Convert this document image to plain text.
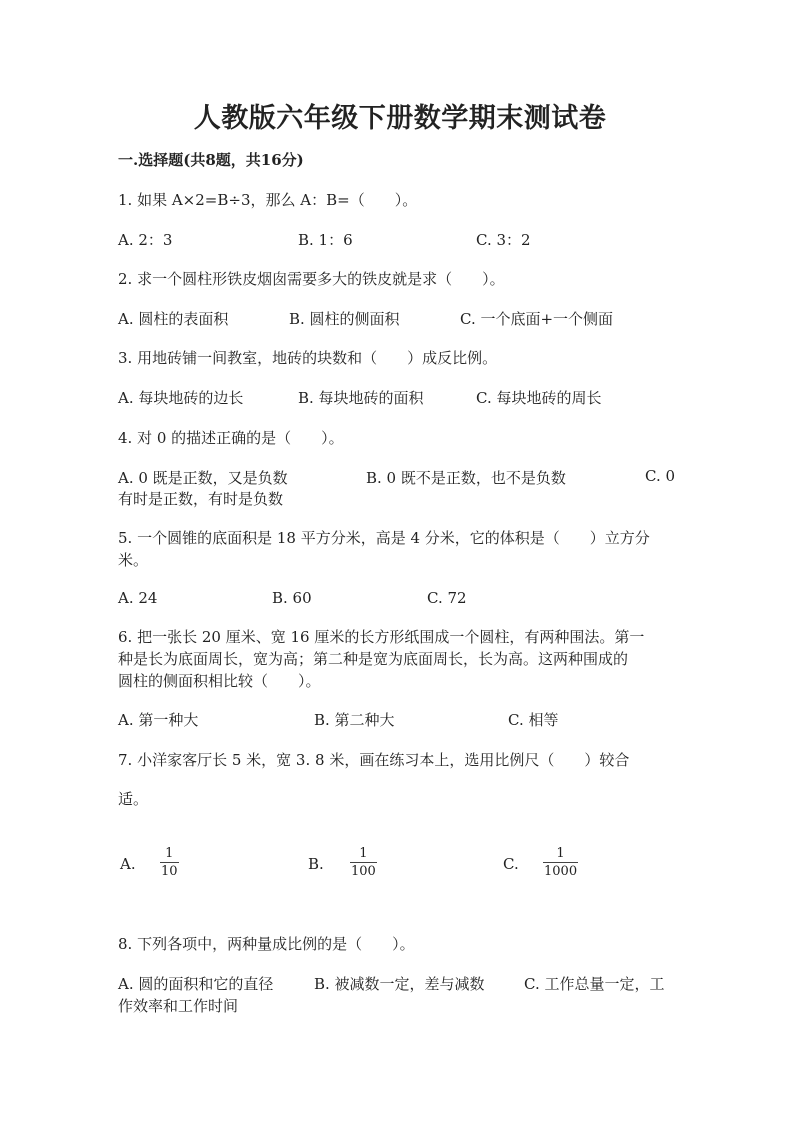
人教版六年级下册数学期末测试卷
一.选择题(共8题，共16分)
1. 如果 A×2=B÷3，那么 A：B=（　　）。
A. 2：3	B. 1：6	C. 3：2
2. 求一个圆柱形铁皮烟囱需要多大的铁皮就是求（　　）。
A. 圆柱的表面积	B. 圆柱的侧面积	C. 一个底面+一个侧面
3. 用地砖铺一间教室，地砖的块数和（　　）成反比例。
A. 每块地砖的边长	B. 每块地砖的面积	C. 每块地砖的周长
4. 对 0 的描述正确的是（　　）。
A. 0 既是正数，又是负数	B. 0 既不是正数，也不是负数	C. 0
有时是正数，有时是负数
5. 一个圆锥的底面积是 18 平方分米，高是 4 分米，它的体积是（　　）立方分
米。
A. 24	B. 60	C. 72
6. 把一张长 20 厘米、宽 16 厘米的长方形纸围成一个圆柱，有两种围法。第一
种是长为底面周长，宽为高；第二种是宽为底面周长，长为高。这两种围成的
圆柱的侧面积相比较（　　）。
A. 第一种大	B. 第二种大	C. 相等
7. 小洋家客厅长 5 米，宽 3. 8 米，画在练习本上，选用比例尺（　　）较合
适。
A.
1
10	B.
1
100	C.
1
1000
8. 下列各项中，两种量成比例的是（　　）。
A. 圆的面积和它的直径	B. 被减数一定，差与减数	C. 工作总量一定，工
作效率和工作时间
